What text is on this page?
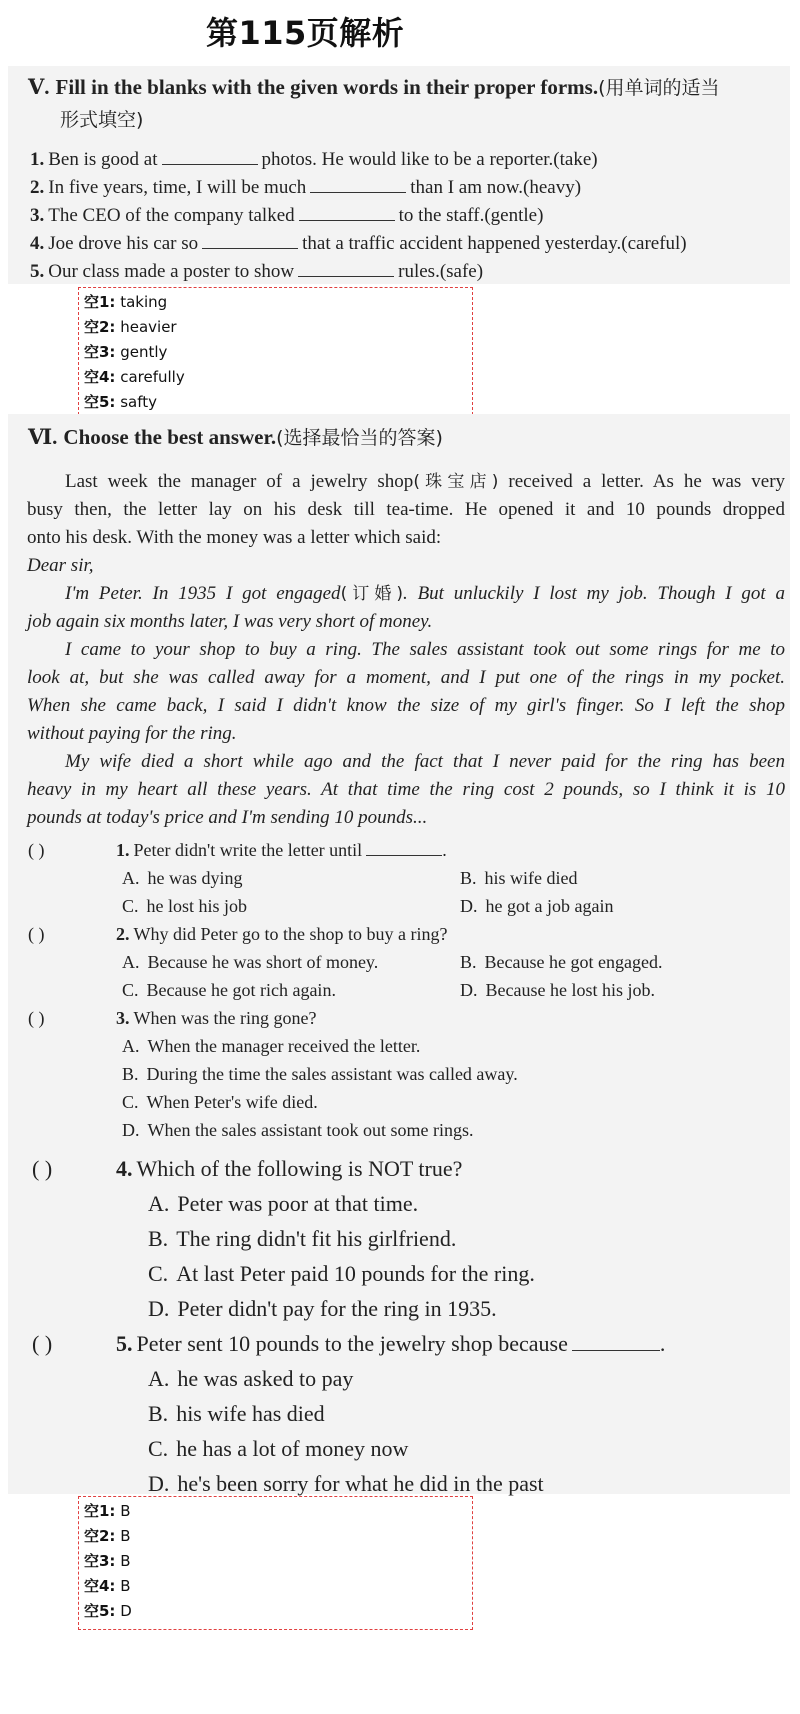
第115页解析
Ⅴ. Fill in the blanks with the given words in their proper forms.(用单词的适当
形式填空)
1. Ben is good at	photos. He would like to be a reporter.(take)
2. In five years, time, I will be much	than I am now.(heavy)
3. The CEO of the company talked	to the staff.(gentle)
4. Joe drove his car so	that a traffic accident happened yesterday.(careful)
5. Our class made a poster to show	rules.(safe)
空1: taking
空2: heavier
空3: gently
空4: carefully
空5: safty
Ⅵ. Choose the best answer.(选择最恰当的答案)
Last week the manager of a jewelry shop(珠宝店) received a letter. As he was very
busy then, the letter lay on his desk till tea-time. He opened it and 10 pounds dropped
onto his desk. With the money was a letter which said:
Dear sir,
I'm Peter. In 1935 I got engaged(订婚). But unluckily I lost my job. Though I got a
job again six months later, I was very short of money.
I came to your shop to buy a ring. The sales assistant took out some rings for me to
look at, but she was called away for a moment, and I put one of the rings in my pocket.
When she came back, I said I didn't know the size of my girl's finger. So I left the shop
without paying for the ring.
My wife died a short while ago and the fact that I never paid for the ring has been
heavy in my heart all these years. At that time the ring cost 2 pounds, so I think it is 10
pounds at today's price and I'm sending 10 pounds...
( )	1. Peter didn't write the letter until	.
A. he was dying	B. his wife died
C. he lost his job	D. he got a job again
( )	2. Why did Peter go to the shop to buy a ring?
A. Because he was short of money.	B. Because he got engaged.
C. Because he got rich again.	D. Because he lost his job.
( )	3. When was the ring gone?
A. When the manager received the letter.
B. During the time the sales assistant was called away.
C. When Peter's wife died.
D. When the sales assistant took out some rings.
( )	4. Which of the following is NOT true?
A. Peter was poor at that time.
B. The ring didn't fit his girlfriend.
C. At last Peter paid 10 pounds for the ring.
D. Peter didn't pay for the ring in 1935.
( )	5. Peter sent 10 pounds to the jewelry shop because	.
A. he was asked to pay
B. his wife has died
C. he has a lot of money now
D. he's been sorry for what he did in the past
空1: B
空2: B
空3: B
空4: B
空5: D
